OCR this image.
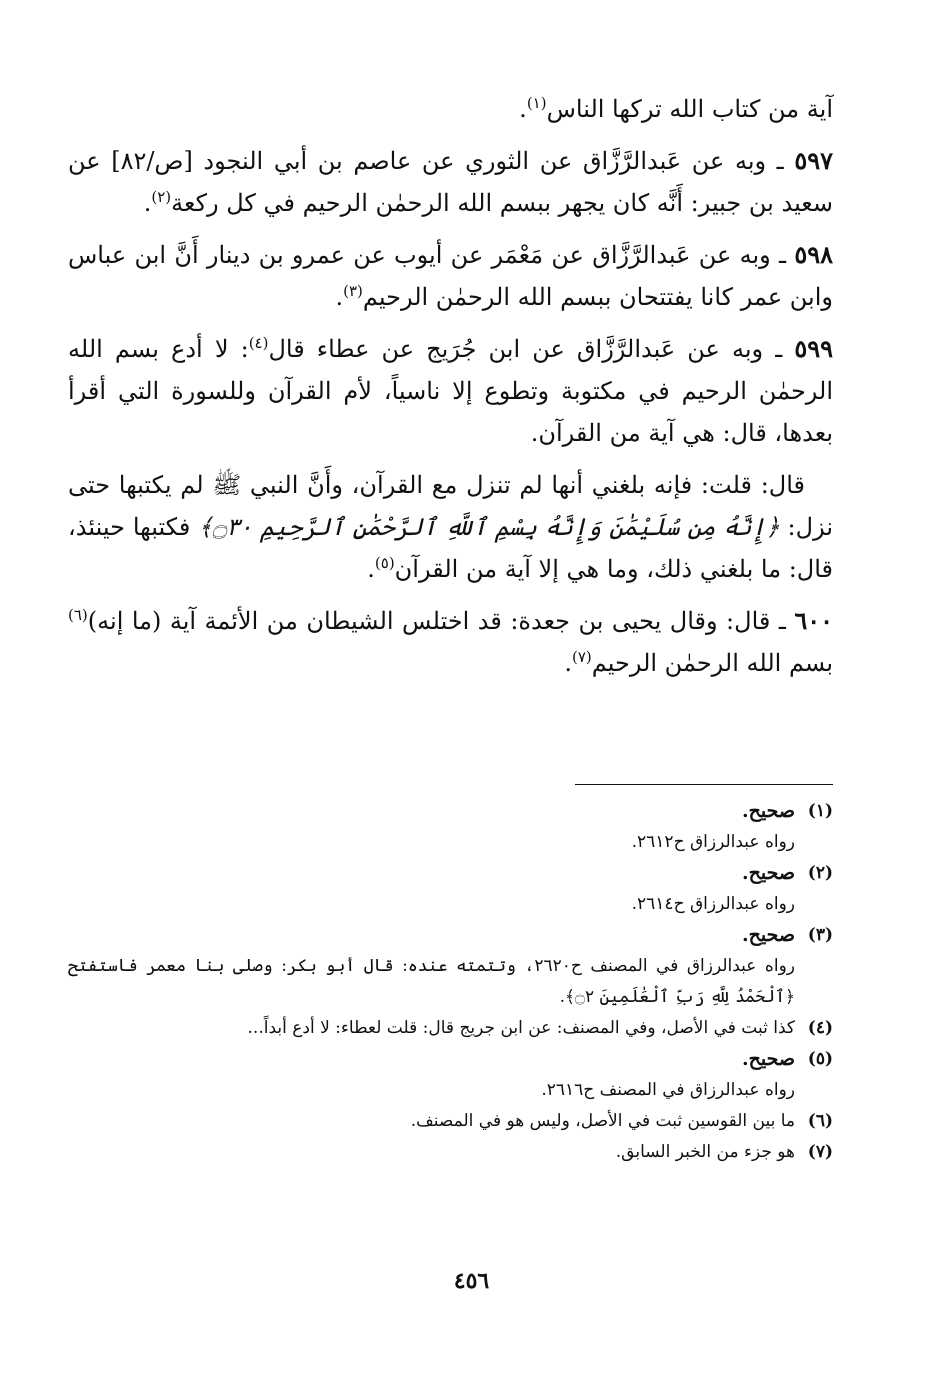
آية من كتاب الله تركها الناس$^{(١)}$.

٥٩٧ ـ وبه عن عَبدالرَّزَّاق عن الثوري عن عاصم بن أبي النجود [ص/٨٢] عن سعيد بن جبير: أَنَّه كان يجهر ببسم الله الرحمٰن الرحيم في كل ركعة$^{(٢)}$.

٥٩٨ ـ وبه عن عَبدالرَّزَّاق عن مَعْمَر عن أيوب عن عمرو بن دينار أَنَّ ابن عباس وابن عمر كانا يفتتحان ببسم الله الرحمٰن الرحيم$^{(٣)}$.

٥٩٩ ـ وبه عن عَبدالرَّزَّاق عن ابن جُرَيج عن عطاء قال$^{(٤)}$: لا أدع بسم الله الرحمٰن الرحيم في مكتوبة وتطوع إلا ناسياً، لأم القرآن وللسورة التي أقرأ بعدها، قال: هي آية من القرآن.

قال: قلت: فإنه بلغني أنها لم تنزل مع القرآن، وأَنَّ النبي ﷺ لم يكتبها حتى نزل: ﴿إِنَّهُ مِن سُلَيْمَٰنَ وَإِنَّهُ بِسْمِ ٱللَّهِ ٱلرَّحْمَٰنِ ٱلرَّحِيمِ ۝٣٠﴾ فكتبها حينئذ، قال: ما بلغني ذلك، وما هي إلا آية من القرآن$^{(٥)}$.

٦٠٠ ـ قال: وقال يحيى بن جعدة: قد اختلس الشيطان من الأئمة آية (ما إنه)$^{(٦)}$ بسم الله الرحمٰن الرحيم$^{(٧)}$.

(١)
صحيح.
رواه عبدالرزاق ح٢٦١٢.
(٢)
صحيح.
رواه عبدالرزاق ح٢٦١٤.
(٣)
صحيح.
رواه عبدالرزاق في المصنف ح٢٦٢٠، وتتمته عنده: قال أبو بكر: وصلى بنا معمر فاستفتح ﴿ٱلْحَمْدُ لِلَّهِ رَبِّ ٱلْعَٰلَمِينَ ۝٢﴾.
(٤)
كذا ثبت في الأصل، وفي المصنف: عن ابن جريج قال: قلت لعطاء: لا أدع أبداً...
(٥)
صحيح.
رواه عبدالرزاق في المصنف ح٢٦١٦.
(٦)
ما بين القوسين ثبت في الأصل، وليس هو في المصنف.
(٧)
هو جزء من الخبر السابق.
٤٥٦
